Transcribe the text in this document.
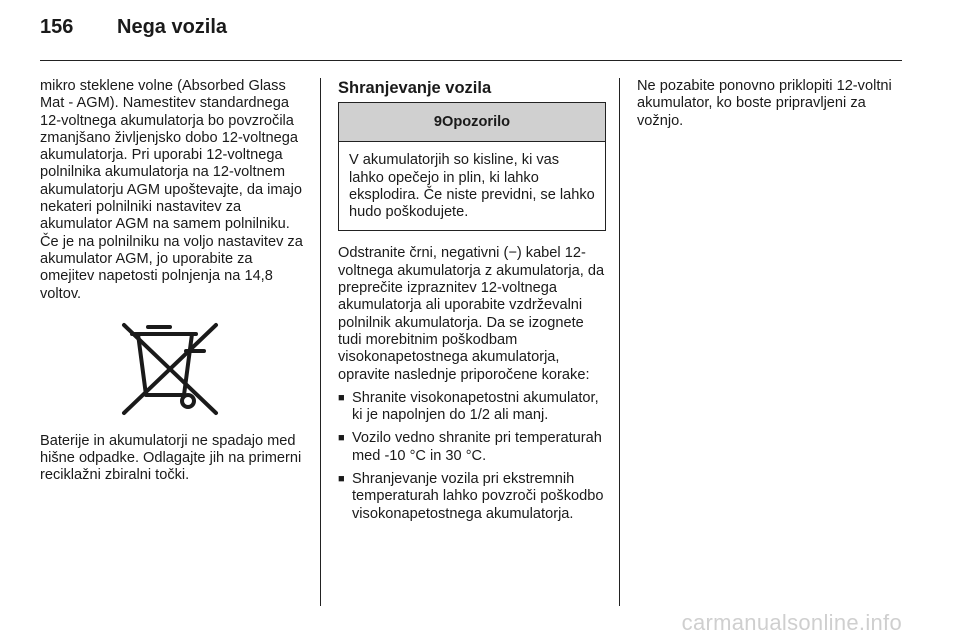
156 Nega vozila

mikro steklene volne (Absorbed Glass Mat - AGM). Namestitev standardnega 12-voltnega akumulatorja bo povzročila zmanjšano življenjsko dobo 12-voltnega akumulatorja. Pri uporabi 12-voltnega polnilnika akumulatorja na 12-voltnem akumulatorju AGM upoštevajte, da imajo nekateri polnilniki nastavitev za akumulator AGM na samem polnilniku. Če je na polnilniku na voljo nastavitev za akumulator AGM, jo uporabite za omejitev napetosti polnjenja na 14,8 voltov.

Baterije in akumulatorji ne spadajo med hišne odpadke. Odlagajte jih na primerni reciklažni zbiralni točki.

Shranjevanje vozila
9Opozorilo
V akumulatorjih so kisline, ki vas lahko opečejo in plin, ki lahko eksplodira. Če niste previdni, se lahko hudo poškodujete.

Odstranite črni, negativni (−) kabel 12-voltnega akumulatorja z akumulatorja, da preprečite izpraznitev 12-voltnega akumulatorja ali uporabite vzdrževalni polnilnik akumulatorja. Da se izognete tudi morebitnim poškodbam visokonapetostnega akumulatorja, opravite naslednje priporočene korake:

■ Shranite visokonapetostni akumulator, ki je napolnjen do 1/2 ali manj.
■ Vozilo vedno shranite pri temperaturah med -10 °C in 30 °C.
■ Shranjevanje vozila pri ekstremnih temperaturah lahko povzroči poškodbo visokonapetostnega akumulatorja.

Ne pozabite ponovno priklopiti 12-voltni akumulator, ko boste pripravljeni za vožnjo.

carmanualsonline.info
